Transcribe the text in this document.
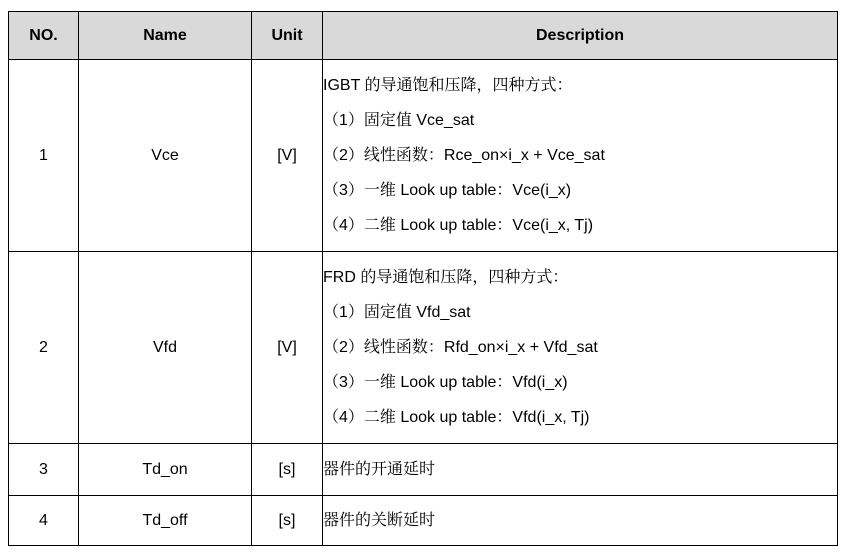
NO.	Name	Unit	Description
1	Vce	[V]	IGBT 的导通饱和压降，四种方式：
（1）固定值 Vce_sat
（2）线性函数：Rce_on×i_x + Vce_sat
（3）一维 Look up table：Vce(i_x)
（4）二维 Look up table：Vce(i_x, Tj)

2	Vfd	[V]	FRD 的导通饱和压降，四种方式：
（1）固定值 Vfd_sat
（2）线性函数：Rfd_on×i_x + Vfd_sat
（3）一维 Look up table：Vfd(i_x)
（4）二维 Look up table：Vfd(i_x, Tj)

3	Td_on	[s]	器件的开通延时

4	Td_off	[s]	器件的关断延时
